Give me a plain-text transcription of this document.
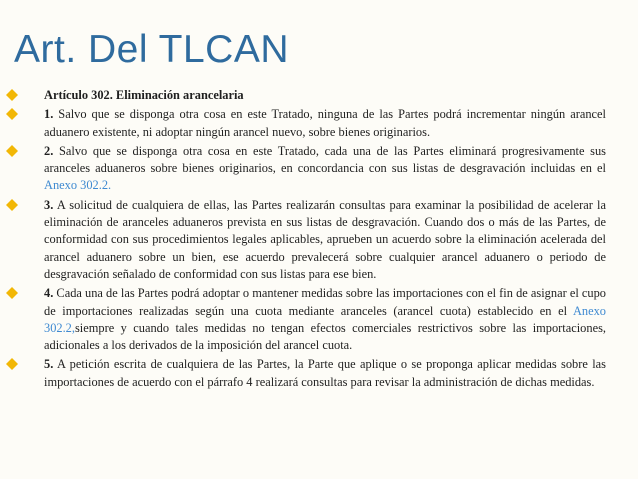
Art. Del TLCAN
Artículo 302. Eliminación arancelaria
1. Salvo que se disponga otra cosa en este Tratado, ninguna de las Partes podrá incrementar ningún arancel aduanero existente, ni adoptar ningún arancel nuevo, sobre bienes originarios.
2. Salvo que se disponga otra cosa en este Tratado, cada una de las Partes eliminará progresivamente sus aranceles aduaneros sobre bienes originarios, en concordancia con sus listas de desgravación incluidas en el Anexo 302.2.
3. A solicitud de cualquiera de ellas, las Partes realizarán consultas para examinar la posibilidad de acelerar la eliminación de aranceles aduaneros prevista en sus listas de desgravación. Cuando dos o más de las Partes, de conformidad con sus procedimientos legales aplicables, aprueben un acuerdo sobre la eliminación acelerada del arancel aduanero sobre un bien, ese acuerdo prevalecerá sobre cualquier arancel aduanero o periodo de desgravación señalado de conformidad con sus listas para ese bien.
4. Cada una de las Partes podrá adoptar o mantener medidas sobre las importaciones con el fin de asignar el cupo de importaciones realizadas según una cuota mediante aranceles (arancel cuota) establecido en el Anexo 302.2,siempre y cuando tales medidas no tengan efectos comerciales restrictivos sobre las importaciones, adicionales a los derivados de la imposición del arancel cuota.
5. A petición escrita de cualquiera de las Partes, la Parte que aplique o se proponga aplicar medidas sobre las importaciones de acuerdo con el párrafo 4 realizará consultas para revisar la administración de dichas medidas.
